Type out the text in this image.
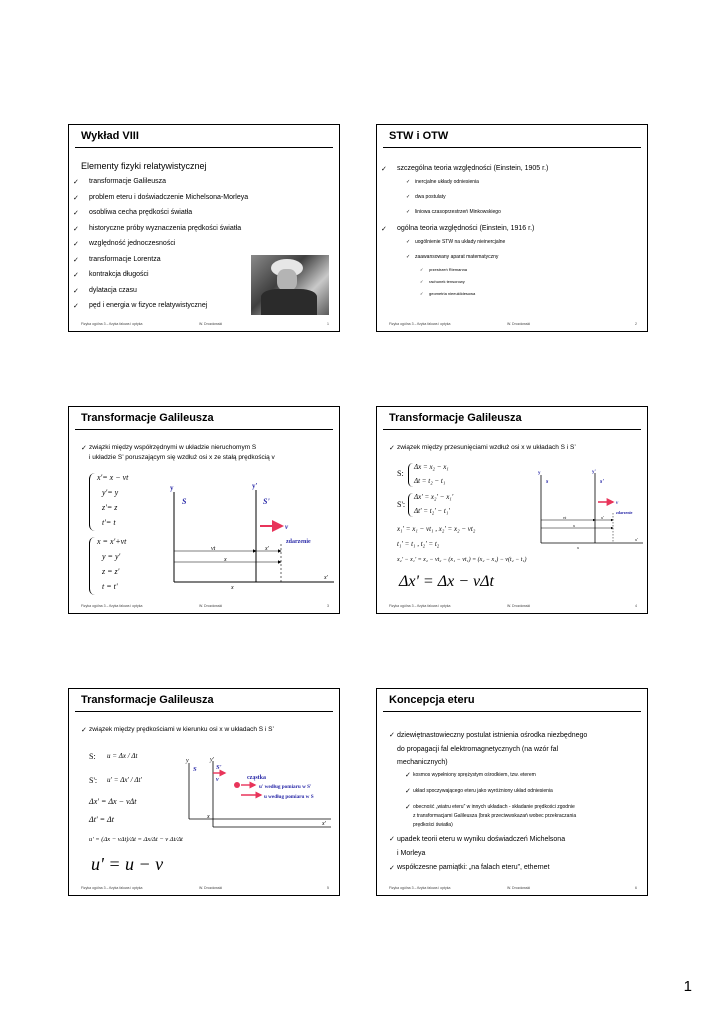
Wykład VIII
Elementy fizyki relatywistycznej
✓ transformacje Galileusza
✓ problem eteru i doświadczenie Michelsona-Morleya
✓ osobliwa cecha prędkości światła
✓ historyczne próby wyznaczenia prędkości światła
✓ względność jednoczesności
✓ transformacje Lorentza
✓ kontrakcja długości
✓ dylatacja czasu
✓ pęd i energia w fizyce relatywistycznej
Fizyka ogólna 3 – fizyka falowa i optyka	W. Drozdowski	1
STW i OTW
✓ szczególna teoria względności (Einstein, 1905 r.)
✓ inercjalne układy odniesienia
✓ dwa postulaty
✓ liniowa czasoprzestrzeń Minkowskiego
✓ ogólna teoria względności (Einstein, 1916 r.)
✓ uogólnienie STW na układy nieinercjalne
✓ zaawansowany aparat matematyczny
✓ przestrzeń Riemanna
✓ rachunek tensorowy
✓ geometria nieeuklidesowa
Fizyka ogólna 3 – fizyka falowa i optyka	W. Drozdowski	2
Transformacje Galileusza
✓ związki między współrzędnymi w układzie nieruchomym S
i układzie S’ poruszającym się wzdłuż osi x ze stałą prędkością v
x'= x − vt
y'= y
z'= z
t'= t
x = x'+vt
y = y'
z = z'
t = t'
y	y'
S	S'
v
zdarzenie
vt	x'
x
x
x'
Fizyka ogólna 3 – fizyka falowa i optyka	W. Drozdowski	3
Transformacje Galileusza
✓ związek między przesunięciami wzdłuż osi x w układach S i S’
S:
Δx = x₂ − x₁
Δt = t₂ − t₁
S':
Δx' = x₂' − x₁'
Δt' = t₂' − t₁'
x₁' = x₁ − vt₁ , x₂' = x₂ − vt₂
t₁' = t₁ , t₂' = t₂
x₂' − x₁' = x₂ − vt₂ − (x₁ − vt₁) = (x₂ − x₁) − v(t₂ − t₁)
Δx' = Δx − vΔt
y	y'
s	s'
v
zdarzenie
vt	x'
x
x
x'
Fizyka ogólna 3 – fizyka falowa i optyka	W. Drozdowski	4
Transformacje Galileusza
✓ związek między prędkościami w kierunku osi x w układach S i S’
S: u = Δx / Δt
S': u' = Δx' / Δt'
Δx' = Δx − vΔt
Δt' = Δt
u' = (Δx − vΔt)/Δt = Δx/Δt − v Δt/Δt
u' = u − v
y	y'
S	S'
v	cząstka
u' według pomiaru w S'
u według pomiaru w S
x
x'
Fizyka ogólna 3 – fizyka falowa i optyka	W. Drozdowski	5
Koncepcja eteru
✓ dziewiętnastowieczny postulat istnienia ośrodka niezbędnego
do propagacji fal elektromagnetycznych (na wzór fal
mechanicznych)
✓ kosmos wypełniony sprężystym ośrodkiem, tzw. eterem
✓ układ spoczywającego eteru jako wyróżniony układ odniesienia
✓ obecność „wiatru eteru” w innych układach - składanie prędkości zgodnie
z transformacjami Galileusza (brak przeciwwskazań wobec przekraczania
prędkości światła)
✓ upadek teorii eteru w wyniku doświadczeń Michelsona
i Morleya
✓ współczesne pamiątki: „na falach eteru”, ethernet
Fizyka ogólna 3 – fizyka falowa i optyka	W. Drozdowski	6
1
